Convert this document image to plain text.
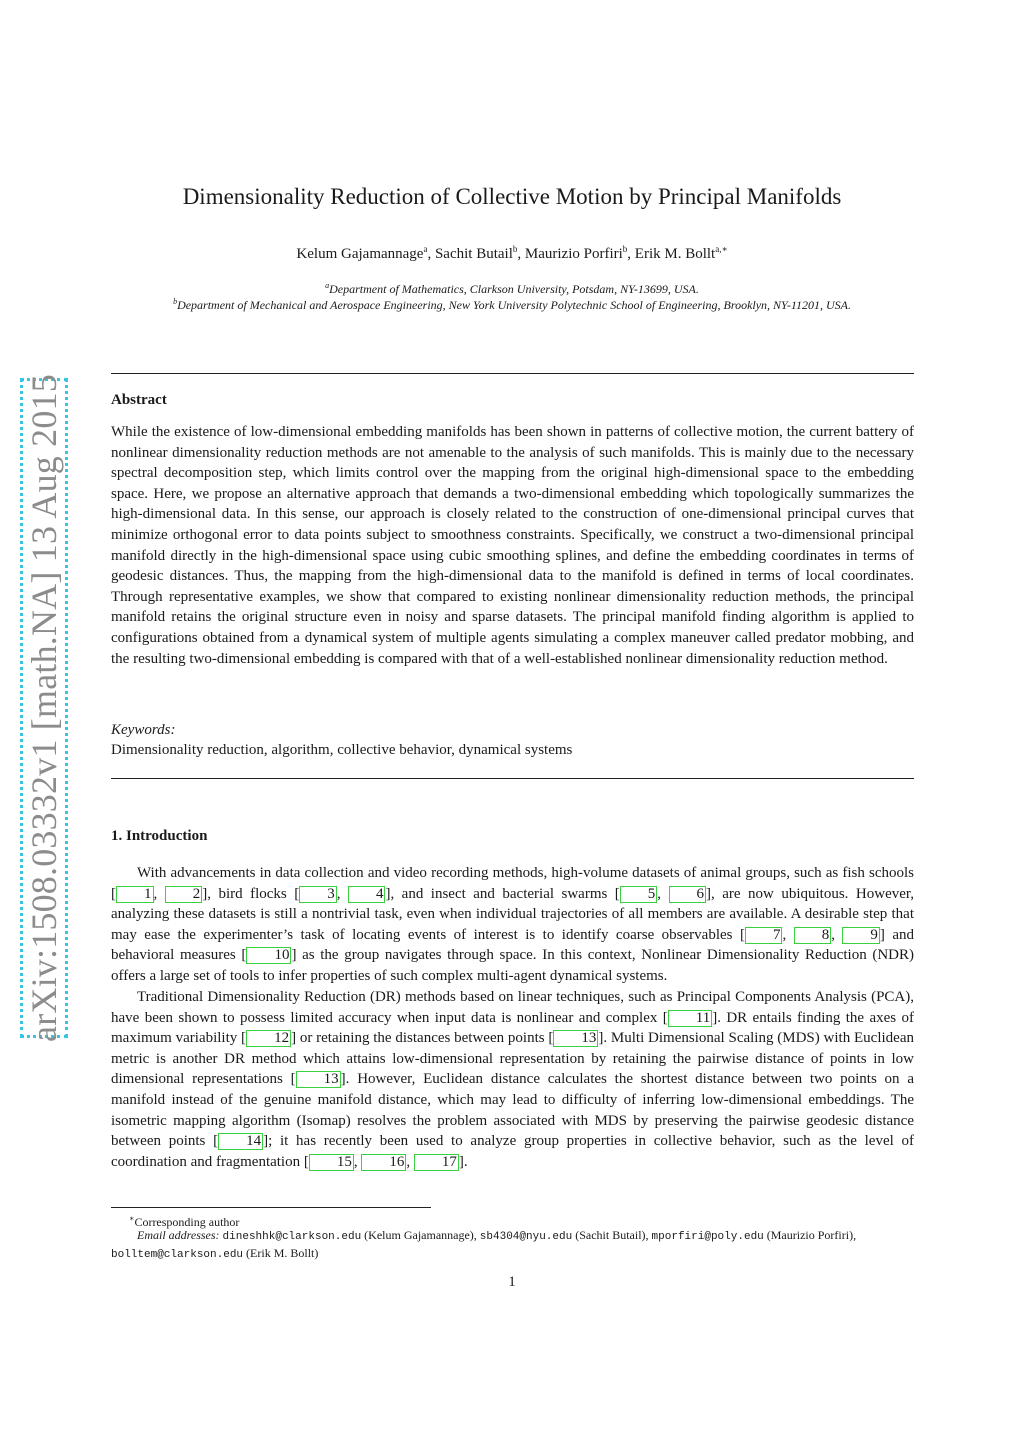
arXiv:1508.03332v1 [math.NA] 13 Aug 2015
Dimensionality Reduction of Collective Motion by Principal Manifolds
Kelum Gajamannage$^a$, Sachit Butail$^b$, Maurizio Porfiri$^b$, Erik M. Bollt$^{a,∗}$
$^a$Department of Mathematics, Clarkson University, Potsdam, NY-13699, USA.
$^b$Department of Mechanical and Aerospace Engineering, New York University Polytechnic School of Engineering, Brooklyn, NY-11201, USA.
Abstract
While the existence of low-dimensional embedding manifolds has been shown in patterns of collective motion, the current battery of nonlinear dimensionality reduction methods are not amenable to the analysis of such manifolds. This is mainly due to the necessary spectral decomposition step, which limits control over the mapping from the original high-dimensional space to the embedding space. Here, we propose an alternative approach that demands a two-dimensional embedding which topologically summarizes the high-dimensional data. In this sense, our approach is closely related to the construction of one-dimensional principal curves that minimize orthogonal error to data points subject to smoothness constraints. Specifically, we construct a two-dimensional principal manifold directly in the high-dimensional space using cubic smoothing splines, and define the embedding coordinates in terms of geodesic distances. Thus, the mapping from the high-dimensional data to the manifold is defined in terms of local coordinates. Through representative examples, we show that compared to existing nonlinear dimensionality reduction methods, the principal manifold retains the original structure even in noisy and sparse datasets. The principal manifold finding algorithm is applied to configurations obtained from a dynamical system of multiple agents simulating a complex maneuver called predator mobbing, and the resulting two-dimensional embedding is compared with that of a well-established nonlinear dimensionality reduction method.
Keywords:
Dimensionality reduction, algorithm, collective behavior, dynamical systems
1. Introduction
With advancements in data collection and video recording methods, high-volume datasets of animal groups, such as fish schools [ 1 , 2 ], bird flocks [ 3 , 4 ], and insect and bacterial swarms [ 5 , 6 ], are now ubiquitous. However, analyzing these datasets is still a nontrivial task, even when individual trajectories of all members are available. A desirable step that may ease the experimenter’s task of locating events of interest is to identify coarse observables [ 7 , 8 , 9 ] and behavioral measures [ 10 ] as the group navigates through space. In this context, Nonlinear Dimensionality Reduction (NDR) offers a large set of tools to infer properties of such complex multi-agent dynamical systems.
Traditional Dimensionality Reduction (DR) methods based on linear techniques, such as Principal Components Analysis (PCA), have been shown to possess limited accuracy when input data is nonlinear and complex [ 11 ]. DR entails finding the axes of maximum variability [ 12 ] or retaining the distances between points [ 13 ]. Multi Dimensional Scaling (MDS) with Euclidean metric is another DR method which attains low-dimensional representation by retaining the pairwise distance of points in low dimensional representations [ 13 ]. However, Euclidean distance calculates the shortest distance between two points on a manifold instead of the genuine manifold distance, which may lead to difficulty of inferring low-dimensional embeddings. The isometric mapping algorithm (Isomap) resolves the problem associated with MDS by preserving the pairwise geodesic distance between points [ 14 ]; it has recently been used to analyze group properties in collective behavior, such as the level of coordination and fragmentation [ 15 , 16 , 17 ].
∗Corresponding author
Email addresses: dineshhk@clarkson.edu (Kelum Gajamannage), sb4304@nyu.edu (Sachit Butail), mporfiri@poly.edu (Maurizio Porfiri), bolltem@clarkson.edu (Erik M. Bollt)
1
